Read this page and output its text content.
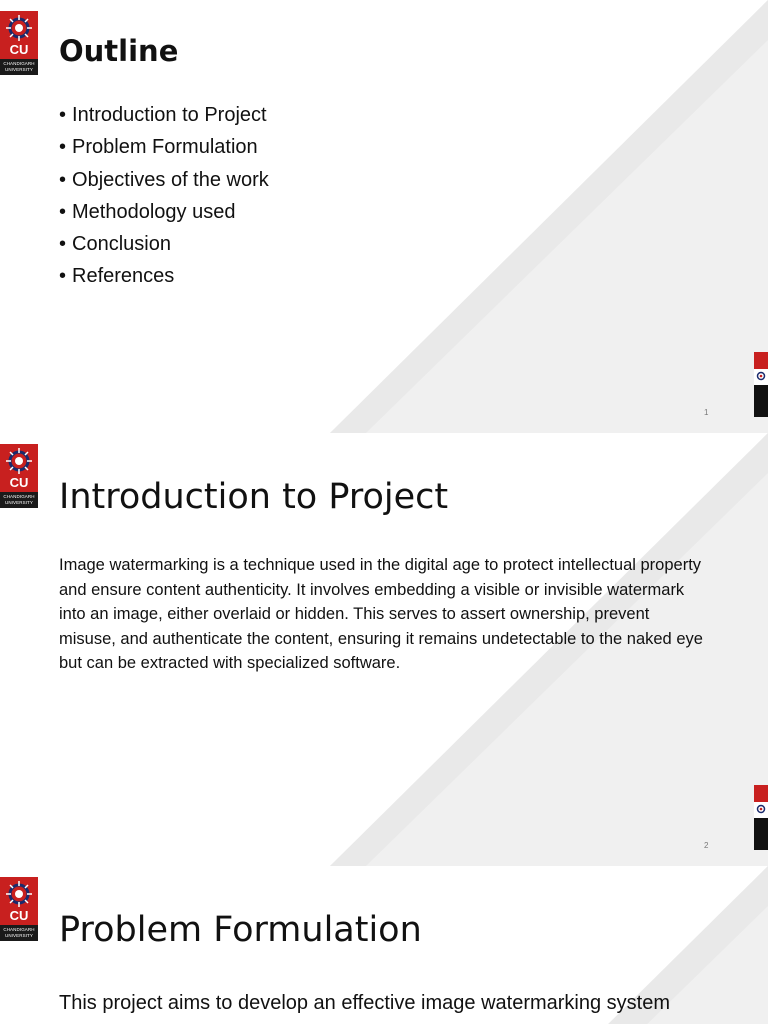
CU
CHANDIGARH
UNIVERSITY
Outline
• Introduction to Project
• Problem Formulation
• Objectives of the work
• Methodology used
• Conclusion
• References
1
CU
CHANDIGARH
UNIVERSITY Introduction to Project

Image watermarking is a technique used in the digital age to protect intellectual property and ensure content authenticity. It involves embedding a visible or invisible watermark into an image, either overlaid or hidden. This serves to assert ownership, prevent misuse, and authenticate the content, ensuring it remains undetectable to the naked eye but can be extracted with specialized software.

2
CU
CHANDIGARH
UNIVERSITY Problem Formulation

This project aims to develop an effective image watermarking system
